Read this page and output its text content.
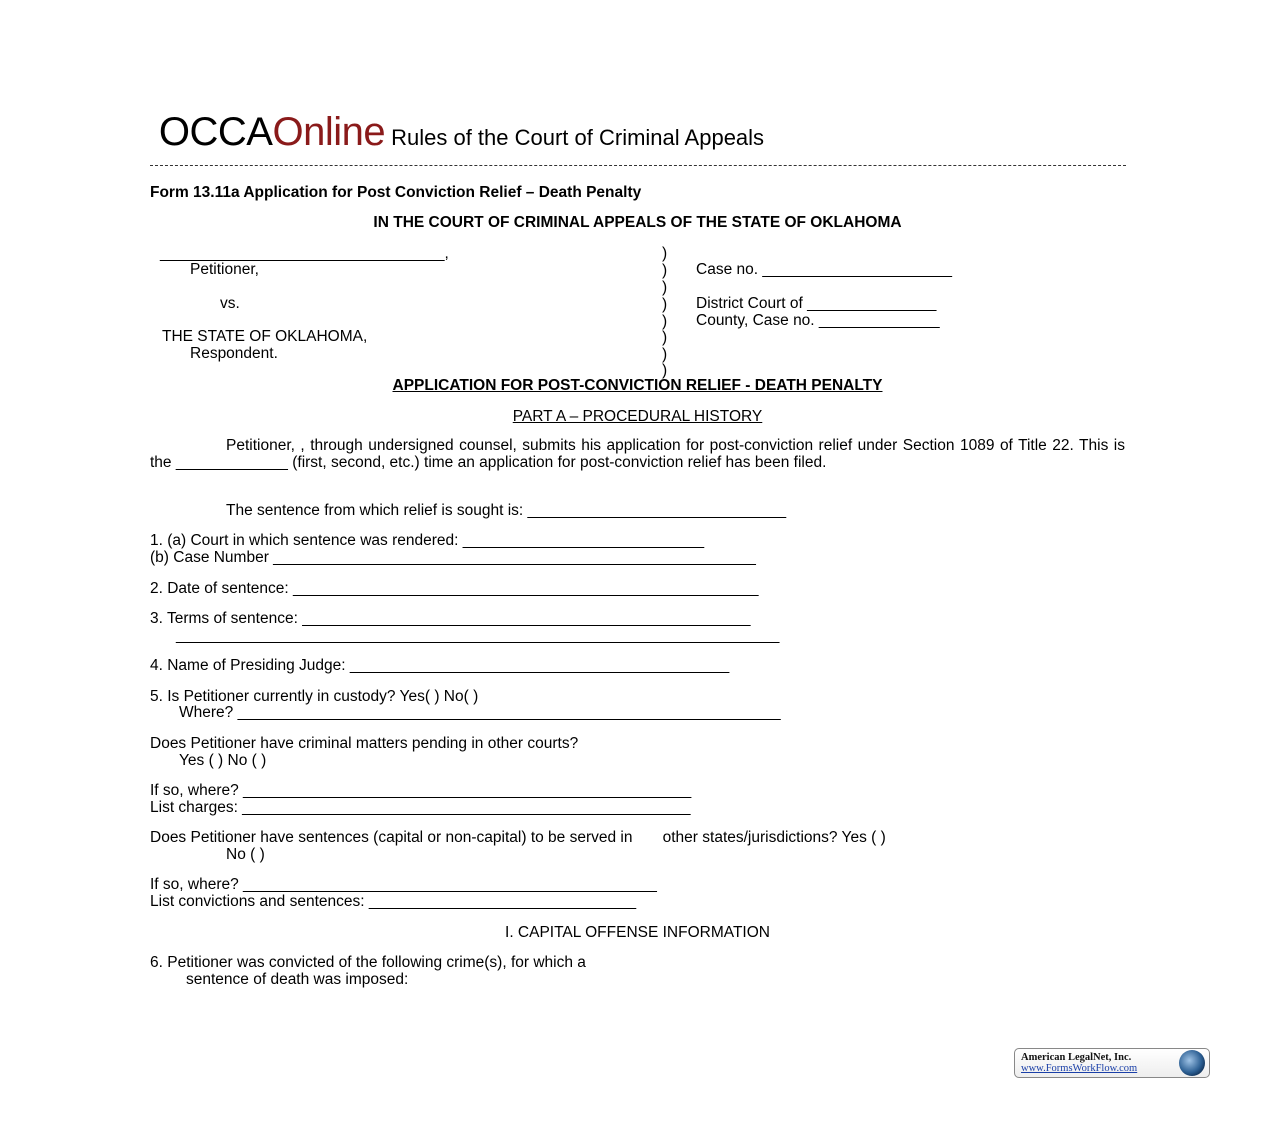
OCCAOnline Rules of the Court of Criminal Appeals

Form 13.11a Application for Post Conviction Relief – Death Penalty
IN THE COURT OF CRIMINAL APPEALS OF THE STATE OF OKLAHOMA
_________________________________,
Petitioner,
vs.
THE STATE OF OKLAHOMA,
Respondent.
)
)
)
)
)
)
)
)
Case no. ______________________
District Court of _______________
County, Case no. ______________
APPLICATION FOR POST-CONVICTION RELIEF - DEATH PENALTY
PART A – PROCEDURAL HISTORY
Petitioner, , through undersigned counsel, submits his application for post-conviction relief under Section 1089 of Title 22. This is the _____________ (first, second, etc.) time an application for post-conviction relief has been filed.
The sentence from which relief is sought is: ______________________________
1. (a) Court in which sentence was rendered: ____________________________
(b) Case Number ________________________________________________________
2. Date of sentence: ______________________________________________________
3. Terms of sentence: ____________________________________________________
______________________________________________________________________
4. Name of Presiding Judge: ____________________________________________
5. Is Petitioner currently in custody? Yes( ) No( )
Where? _______________________________________________________________
Does Petitioner have criminal matters pending in other courts?
Yes ( ) No ( )
If so, where? ____________________________________________________
List charges: ____________________________________________________
Does Petitioner have sentences (capital or non-capital) to be served in       other states/jurisdictions? Yes ( )
No ( )
If so, where? ________________________________________________
List convictions and sentences: _______________________________
I. CAPITAL OFFENSE INFORMATION
6. Petitioner was convicted of the following crime(s), for which a
sentence of death was imposed:

American LegalNet, Inc.

www.FormsWorkFlow.com
